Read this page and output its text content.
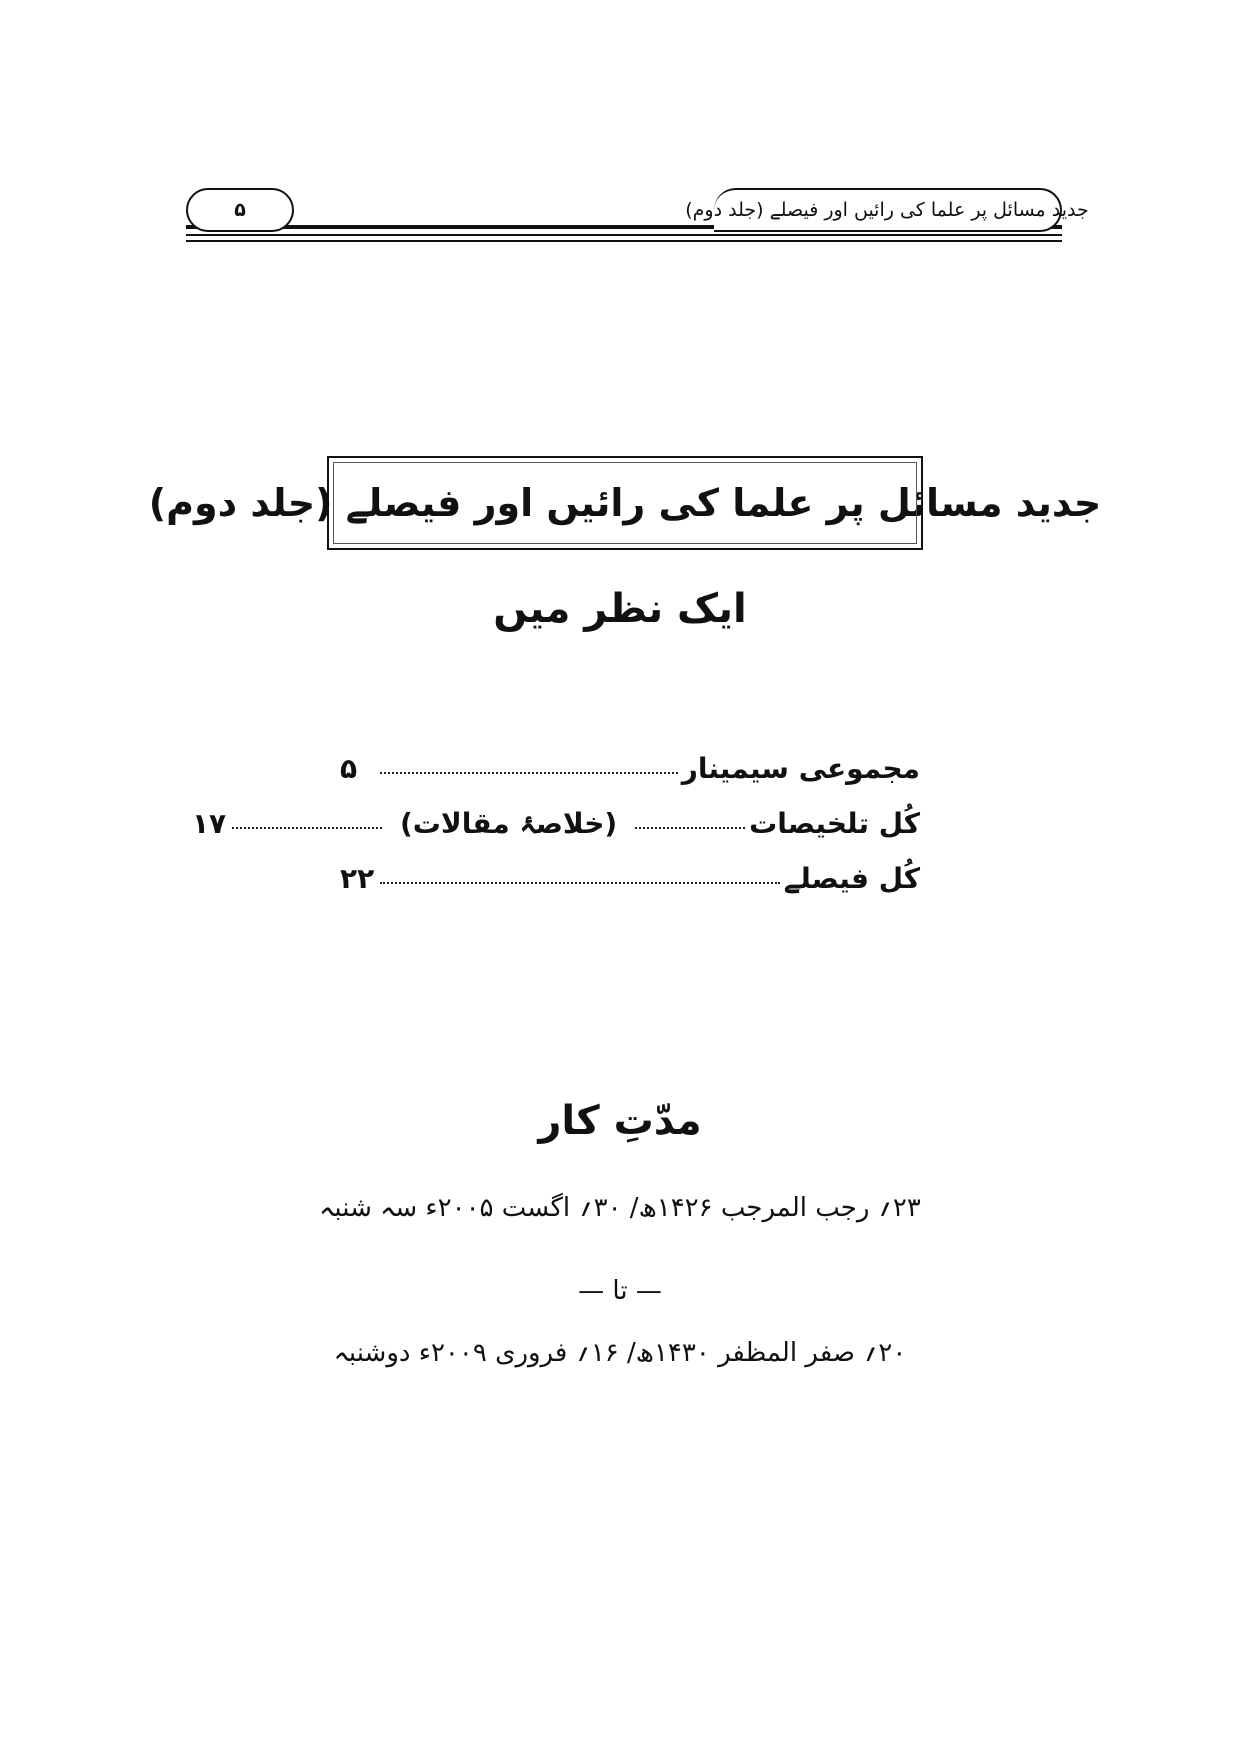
۵	جدید مسائل پر علما کی رائیں اور فیصلے (جلد دوم)
جدید مسائل پر علما کی رائیں اور فیصلے (جلد دوم)
ایک نظر میں
مجموعی سیمینار
۵
کُل تلخیصات
(خلاصۂ مقالات)
۱۷
کُل فیصلے
۲۲
مدّتِ کار
۲۳؍ رجب المرجب ۱۴۲۶ھ/ ۳۰؍ اگست ۲۰۰۵ء سہ شنبہ
— تا —
۲۰؍ صفر المظفر ۱۴۳۰ھ/ ۱۶؍ فروری ۲۰۰۹ء دوشنبہ
